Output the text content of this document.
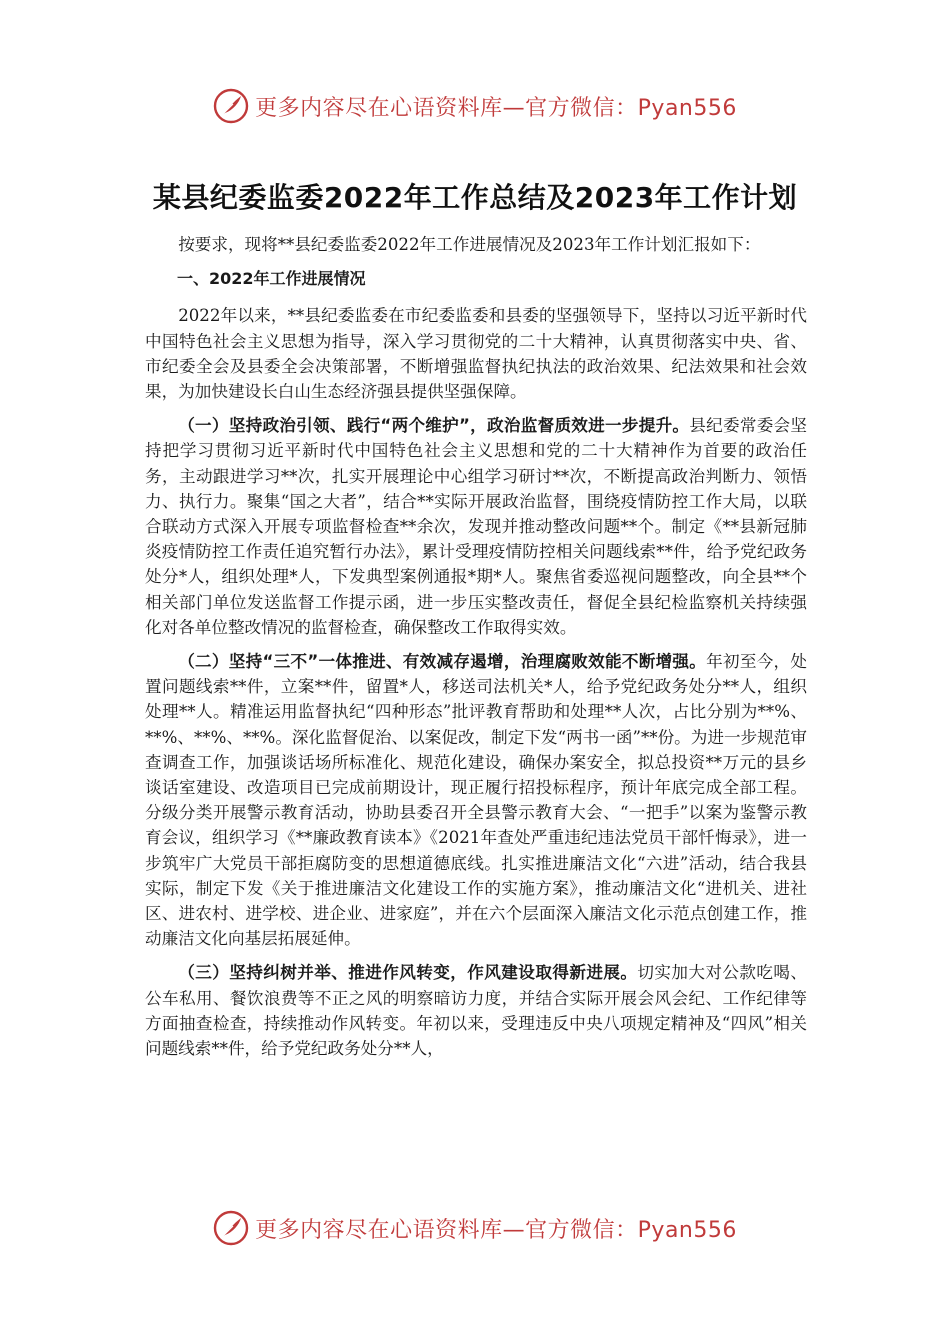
更多内容尽在心语资料库—官方微信：Pyan556
某县纪委监委2022年工作总结及2023年工作计划

按要求，现将**县纪委监委2022年工作进展情况及2023年工作计划汇报如下：

一、2022年工作进展情况

2022年以来，**县纪委监委在市纪委监委和县委的坚强领导下，坚持以习近平新时代中国特色社会主义思想为指导，深入学习贯彻党的二十大精神，认真贯彻落实中央、省、市纪委全会及县委全会决策部署，不断增强监督执纪执法的政治效果、纪法效果和社会效果，为加快建设长白山生态经济强县提供坚强保障。

（一）坚持政治引领、践行“两个维护”，政治监督质效进一步提升。县纪委常委会坚持把学习贯彻习近平新时代中国特色社会主义思想和党的二十大精神作为首要的政治任务，主动跟进学习**次，扎实开展理论中心组学习研讨**次，不断提高政治判断力、领悟力、执行力。聚集“国之大者”，结合**实际开展政治监督，围绕疫情防控工作大局，以联合联动方式深入开展专项监督检查**余次，发现并推动整改问题**个。制定《**县新冠肺炎疫情防控工作责任追究暂行办法》，累计受理疫情防控相关问题线索**件，给予党纪政务处分*人，组织处理*人，下发典型案例通报*期*人。聚焦省委巡视问题整改，向全县**个相关部门单位发送监督工作提示函，进一步压实整改责任，督促全县纪检监察机关持续强化对各单位整改情况的监督检查，确保整改工作取得实效。

（二）坚持“三不”一体推进、有效减存遏增，治理腐败效能不断增强。年初至今，处置问题线索**件，立案**件，留置*人，移送司法机关*人，给予党纪政务处分**人，组织处理**人。精准运用监督执纪“四种形态”批评教育帮助和处理**人次，占比分别为**%、**%、**%、**%。深化监督促治、以案促改，制定下发“两书一函”**份。为进一步规范审查调查工作，加强谈话场所标准化、规范化建设，确保办案安全，拟总投资**万元的县乡谈话室建设、改造项目已完成前期设计，现正履行招投标程序，预计年底完成全部工程。分级分类开展警示教育活动，协助县委召开全县警示教育大会、“一把手”以案为鉴警示教育会议，组织学习《**廉政教育读本》《2021年查处严重违纪违法党员干部忏悔录》，进一步筑牢广大党员干部拒腐防变的思想道德底线。扎实推进廉洁文化“六进”活动，结合我县实际，制定下发《关于推进廉洁文化建设工作的实施方案》，推动廉洁文化“进机关、进社区、进农村、进学校、进企业、进家庭”，并在六个层面深入廉洁文化示范点创建工作，推动廉洁文化向基层拓展延伸。

（三）坚持纠树并举、推进作风转变，作风建设取得新进展。切实加大对公款吃喝、公车私用、餐饮浪费等不正之风的明察暗访力度，并结合实际开展会风会纪、工作纪律等方面抽查检查，持续推动作风转变。年初以来，受理违反中央八项规定精神及“四风”相关问题线索**件，给予党纪政务处分**人，

更多内容尽在心语资料库—官方微信：Pyan556
